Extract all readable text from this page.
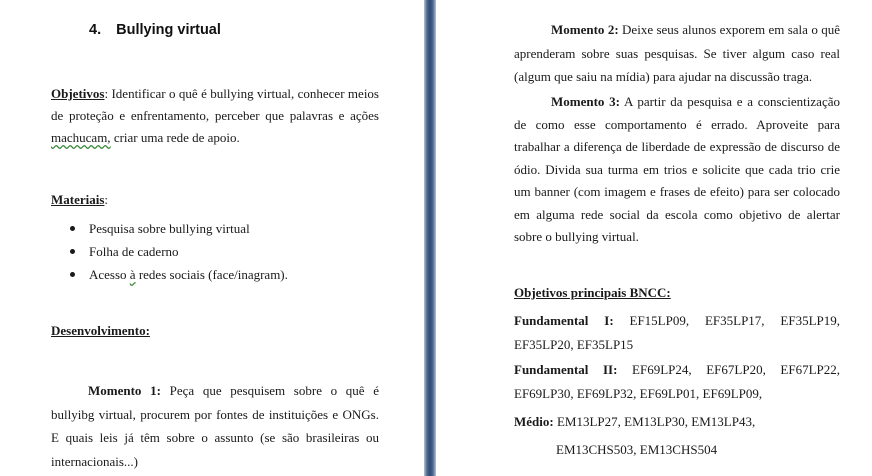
4. Bullying virtual

Objetivos: Identificar o quê é bullying virtual, conhecer meios de proteção e enfrentamento, perceber que palavras e ações machucam, criar uma rede de apoio.

Materiais:

Pesquisa sobre bullying virtual
Folha de caderno
Acesso à redes sociais (face/inagram).

Desenvolvimento:

Momento 1: Peça que pesquisem sobre o quê é bullyibg virtual, procurem por fontes de instituições e ONGs. E quais leis já têm sobre o assunto (se são brasileiras ou internacionais...)

Momento 2: Deixe seus alunos exporem em sala o quê aprenderam sobre suas pesquisas. Se tiver algum caso real (algum que saiu na mídia) para ajudar na discussão traga.

Momento 3: A partir da pesquisa e a conscientização de como esse comportamento é errado. Aproveite para trabalhar a diferença de liberdade de expressão de discurso de ódio. Divida sua turma em trios e solicite que cada trio crie um banner (com imagem e frases de efeito) para ser colocado em alguma rede social da escola como objetivo de alertar sobre o bullying virtual.

Objetivos principais BNCC:

Fundamental I: EF15LP09, EF35LP17, EF35LP19, EF35LP20, EF35LP15

Fundamental II: EF69LP24, EF67LP20, EF67LP22, EF69LP30, EF69LP32, EF69LP01, EF69LP09,

Médio: EM13LP27, EM13LP30, EM13LP43,

EM13CHS503, EM13CHS504
